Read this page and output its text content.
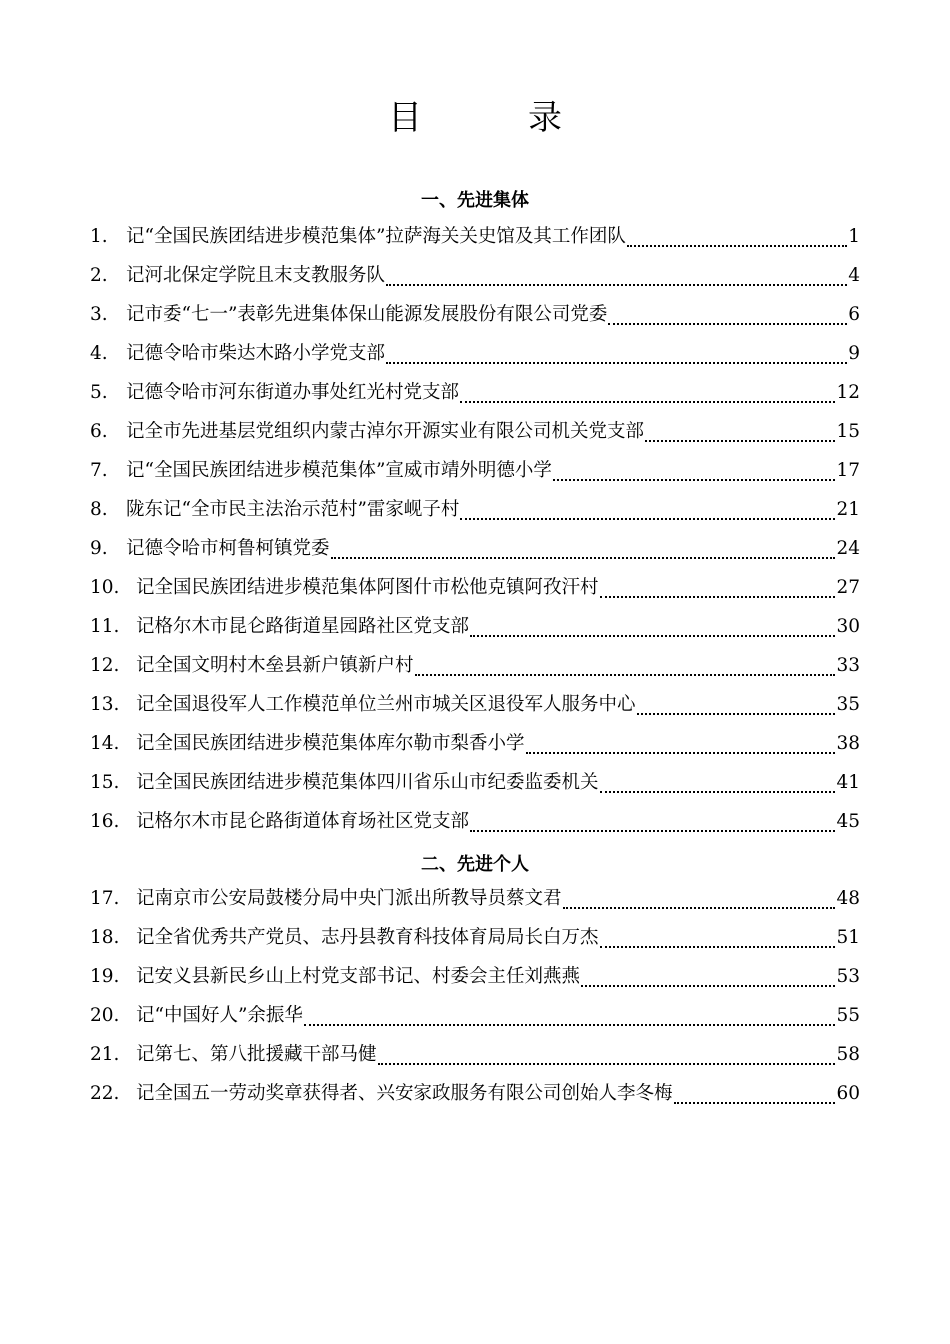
目　录
一、先进集体
1. 记“全国民族团结进步模范集体”拉萨海关关史馆及其工作团队	1
2. 记河北保定学院且末支教服务队	4
3. 记市委“七一”表彰先进集体保山能源发展股份有限公司党委	6
4. 记德令哈市柴达木路小学党支部	9
5. 记德令哈市河东街道办事处红光村党支部	12
6. 记全市先进基层党组织内蒙古淖尔开源实业有限公司机关党支部	15
7. 记“全国民族团结进步模范集体”宣威市靖外明德小学	17
8. 陇东记“全市民主法治示范村”雷家岘子村	21
9. 记德令哈市柯鲁柯镇党委	24
10. 记全国民族团结进步模范集体阿图什市松他克镇阿孜汗村	27
11. 记格尔木市昆仑路街道星园路社区党支部	30
12. 记全国文明村木垒县新户镇新户村	33
13. 记全国退役军人工作模范单位兰州市城关区退役军人服务中心	35
14. 记全国民族团结进步模范集体库尔勒市梨香小学	38
15. 记全国民族团结进步模范集体四川省乐山市纪委监委机关	41
16. 记格尔木市昆仑路街道体育场社区党支部	45
二、先进个人
17. 记南京市公安局鼓楼分局中央门派出所教导员蔡文君	48
18. 记全省优秀共产党员、志丹县教育科技体育局局长白万杰	51
19. 记安义县新民乡山上村党支部书记、村委会主任刘燕燕	53
20. 记“中国好人”余振华	55
21. 记第七、第八批援藏干部马健	58
22. 记全国五一劳动奖章获得者、兴安家政服务有限公司创始人李冬梅	60
